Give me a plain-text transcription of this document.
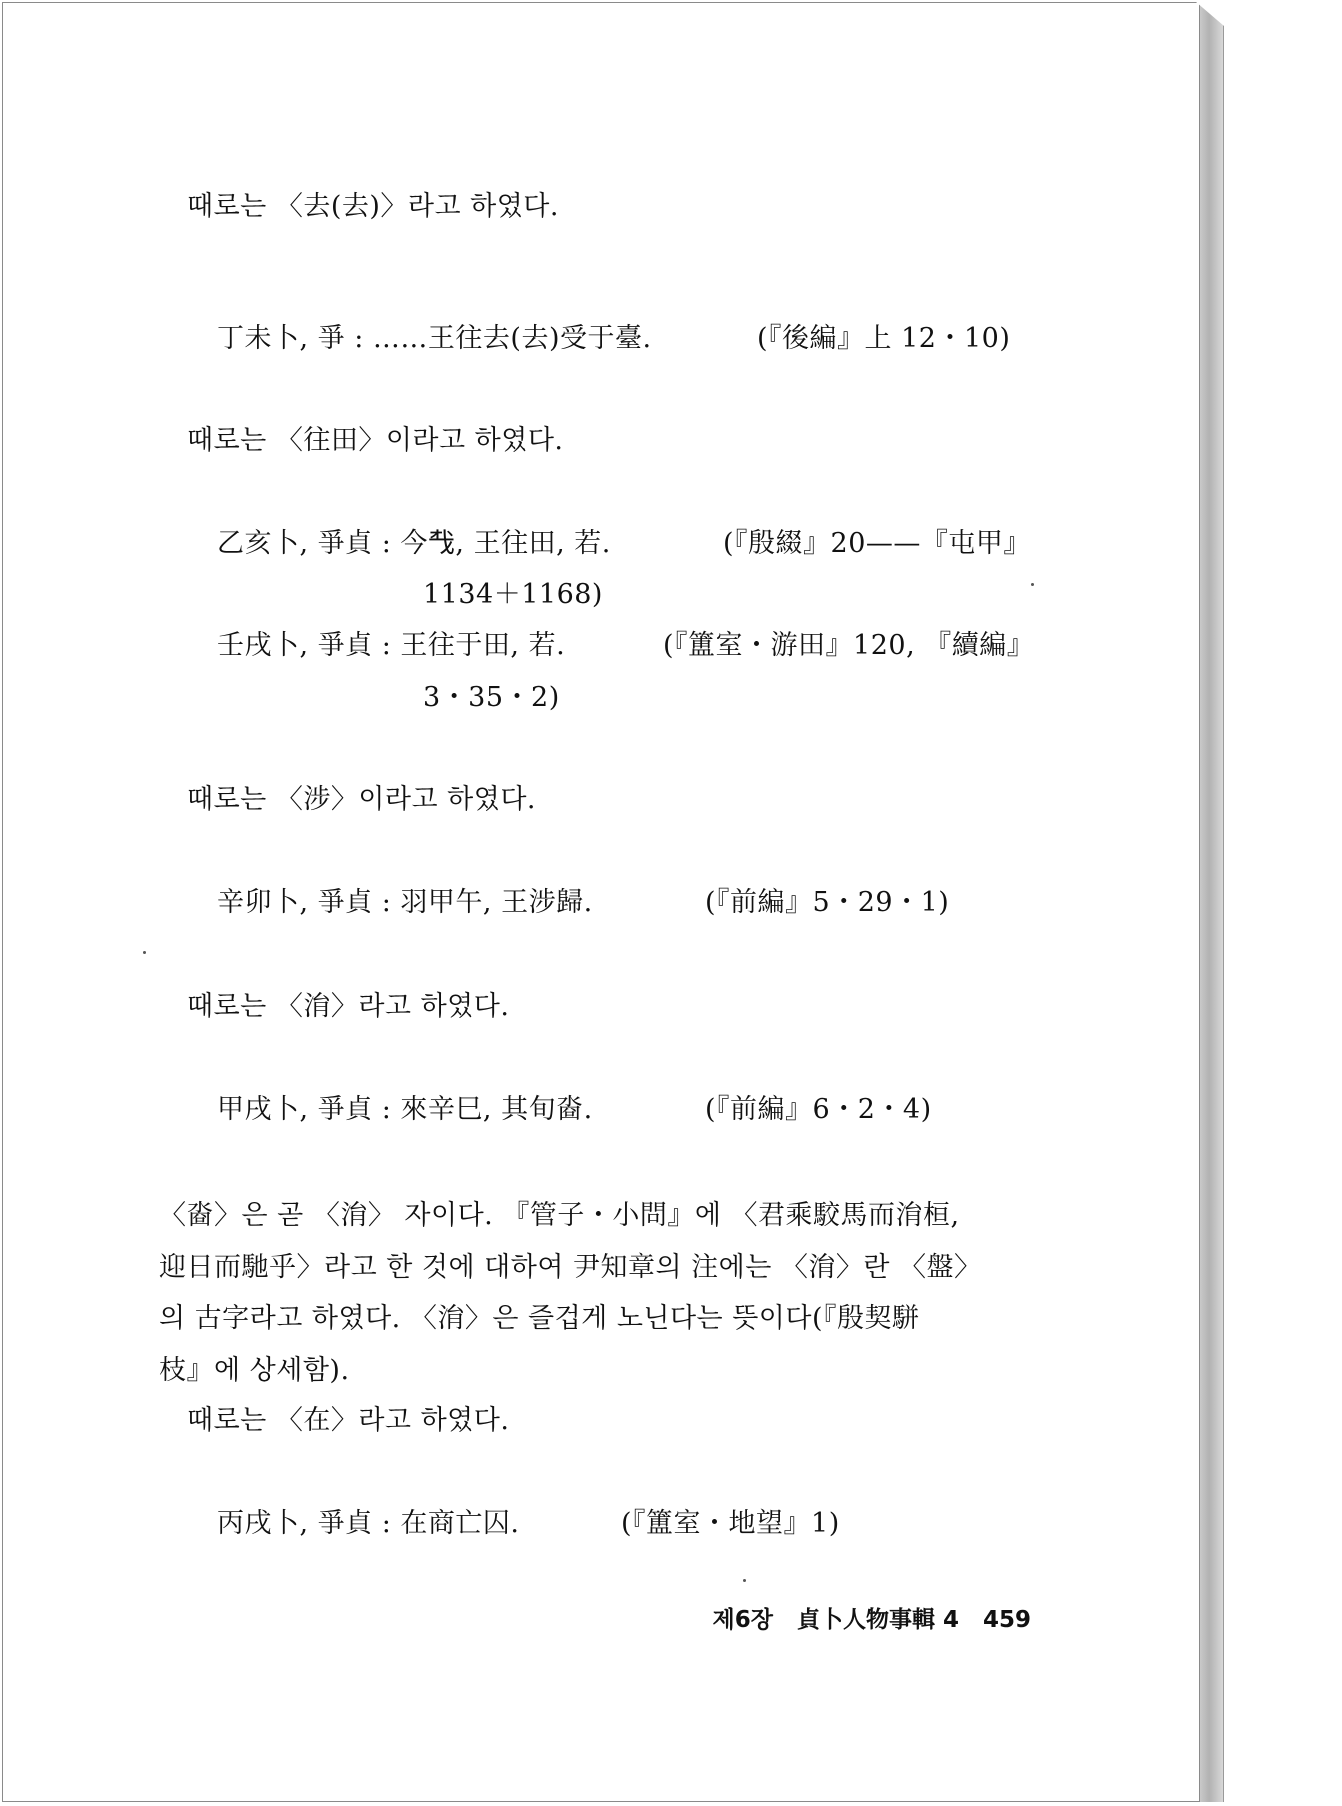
때로는 〈去(去)〉라고 하였다.
丁未卜, 爭 : ……王往去(去)受于臺.	(『後編』上 12・10)
때로는 〈往田〉이라고 하였다.
乙亥卜, 爭貞 : 今𢦔, 王往田, 若.	(『殷綴』20——『屯甲』
1134＋1168)
壬戌卜, 爭貞 : 王往于田, 若.	(『簠室・游田』120, 『續編』
3・35・2)
때로는 〈涉〉이라고 하였다.
辛卯卜, 爭貞 : 羽甲午, 王涉歸.	(『前編』5・29・1)
때로는 〈㳙〉라고 하였다.
甲戌卜, 爭貞 : 來辛巳, 其旬㴅.	(『前編』6・2・4)

〈㴅〉은 곧 〈㳙〉 자이다. 『管子・小問』에 〈君乘駮馬而㳙桓,

迎日而馳乎〉라고 한 것에 대하여 尹知章의 注에는 〈㳙〉란 〈盤〉

의 古字라고 하였다. 〈㳙〉은 즐겁게 노닌다는 뜻이다(『殷契駢

枝』에 상세함).

때로는 〈在〉라고 하였다.
丙戌卜, 爭貞 : 在商亡囚.	(『簠室・地望』1)
제6장 貞卜人物事輯 4 459
